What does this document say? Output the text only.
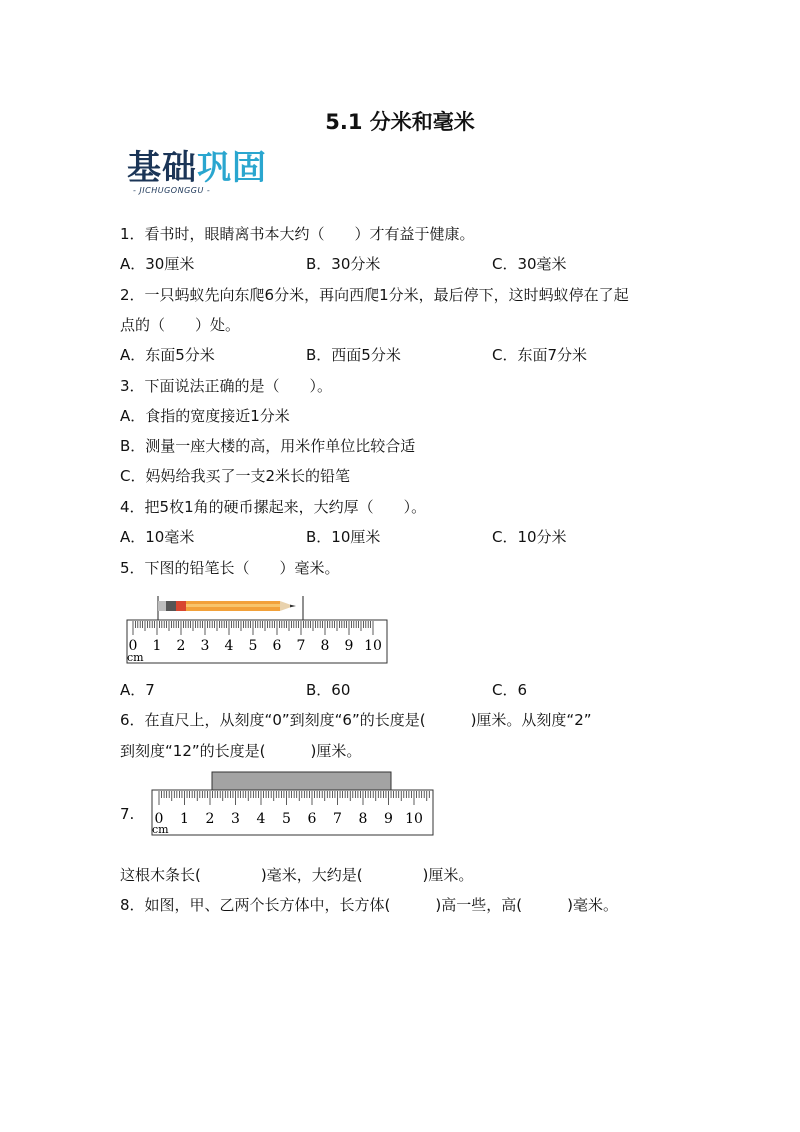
5.1 分米和毫米
基础巩固
- JICHUGONGGU -
1．看书时，眼睛离书本大约（　　）才有益于健康。
A．30厘米	B．30分米	C．30毫米
2．一只蚂蚁先向东爬6分米，再向西爬1分米，最后停下，这时蚂蚁停在了起
点的（　　）处。
A．东面5分米	B．西面5分米	C．东面7分米
3．下面说法正确的是（　　）。
A．食指的宽度接近1分米
B．测量一座大楼的高，用米作单位比较合适
C．妈妈给我买了一支2米长的铅笔
4．把5枚1角的硬币摞起来，大约厚（　　）。
A．10毫米	B．10厘米	C．10分米
5．下图的铅笔长（　　）毫米。
0 1 2 3 4 5 6 7 8 9 10
cm
A．7	B．60	C．6
6．在直尺上，从刻度“0”到刻度“6”的长度是(　　　)厘米。从刻度“2”
到刻度“12”的长度是(　　　)厘米。
7. 0 1 2 3 4 5 6 7 8 9 10
cm
这根木条长(　　　　)毫米，大约是(　　　　)厘米。
8．如图，甲、乙两个长方体中，长方体(　　　)高一些，高(　　　)毫米。
